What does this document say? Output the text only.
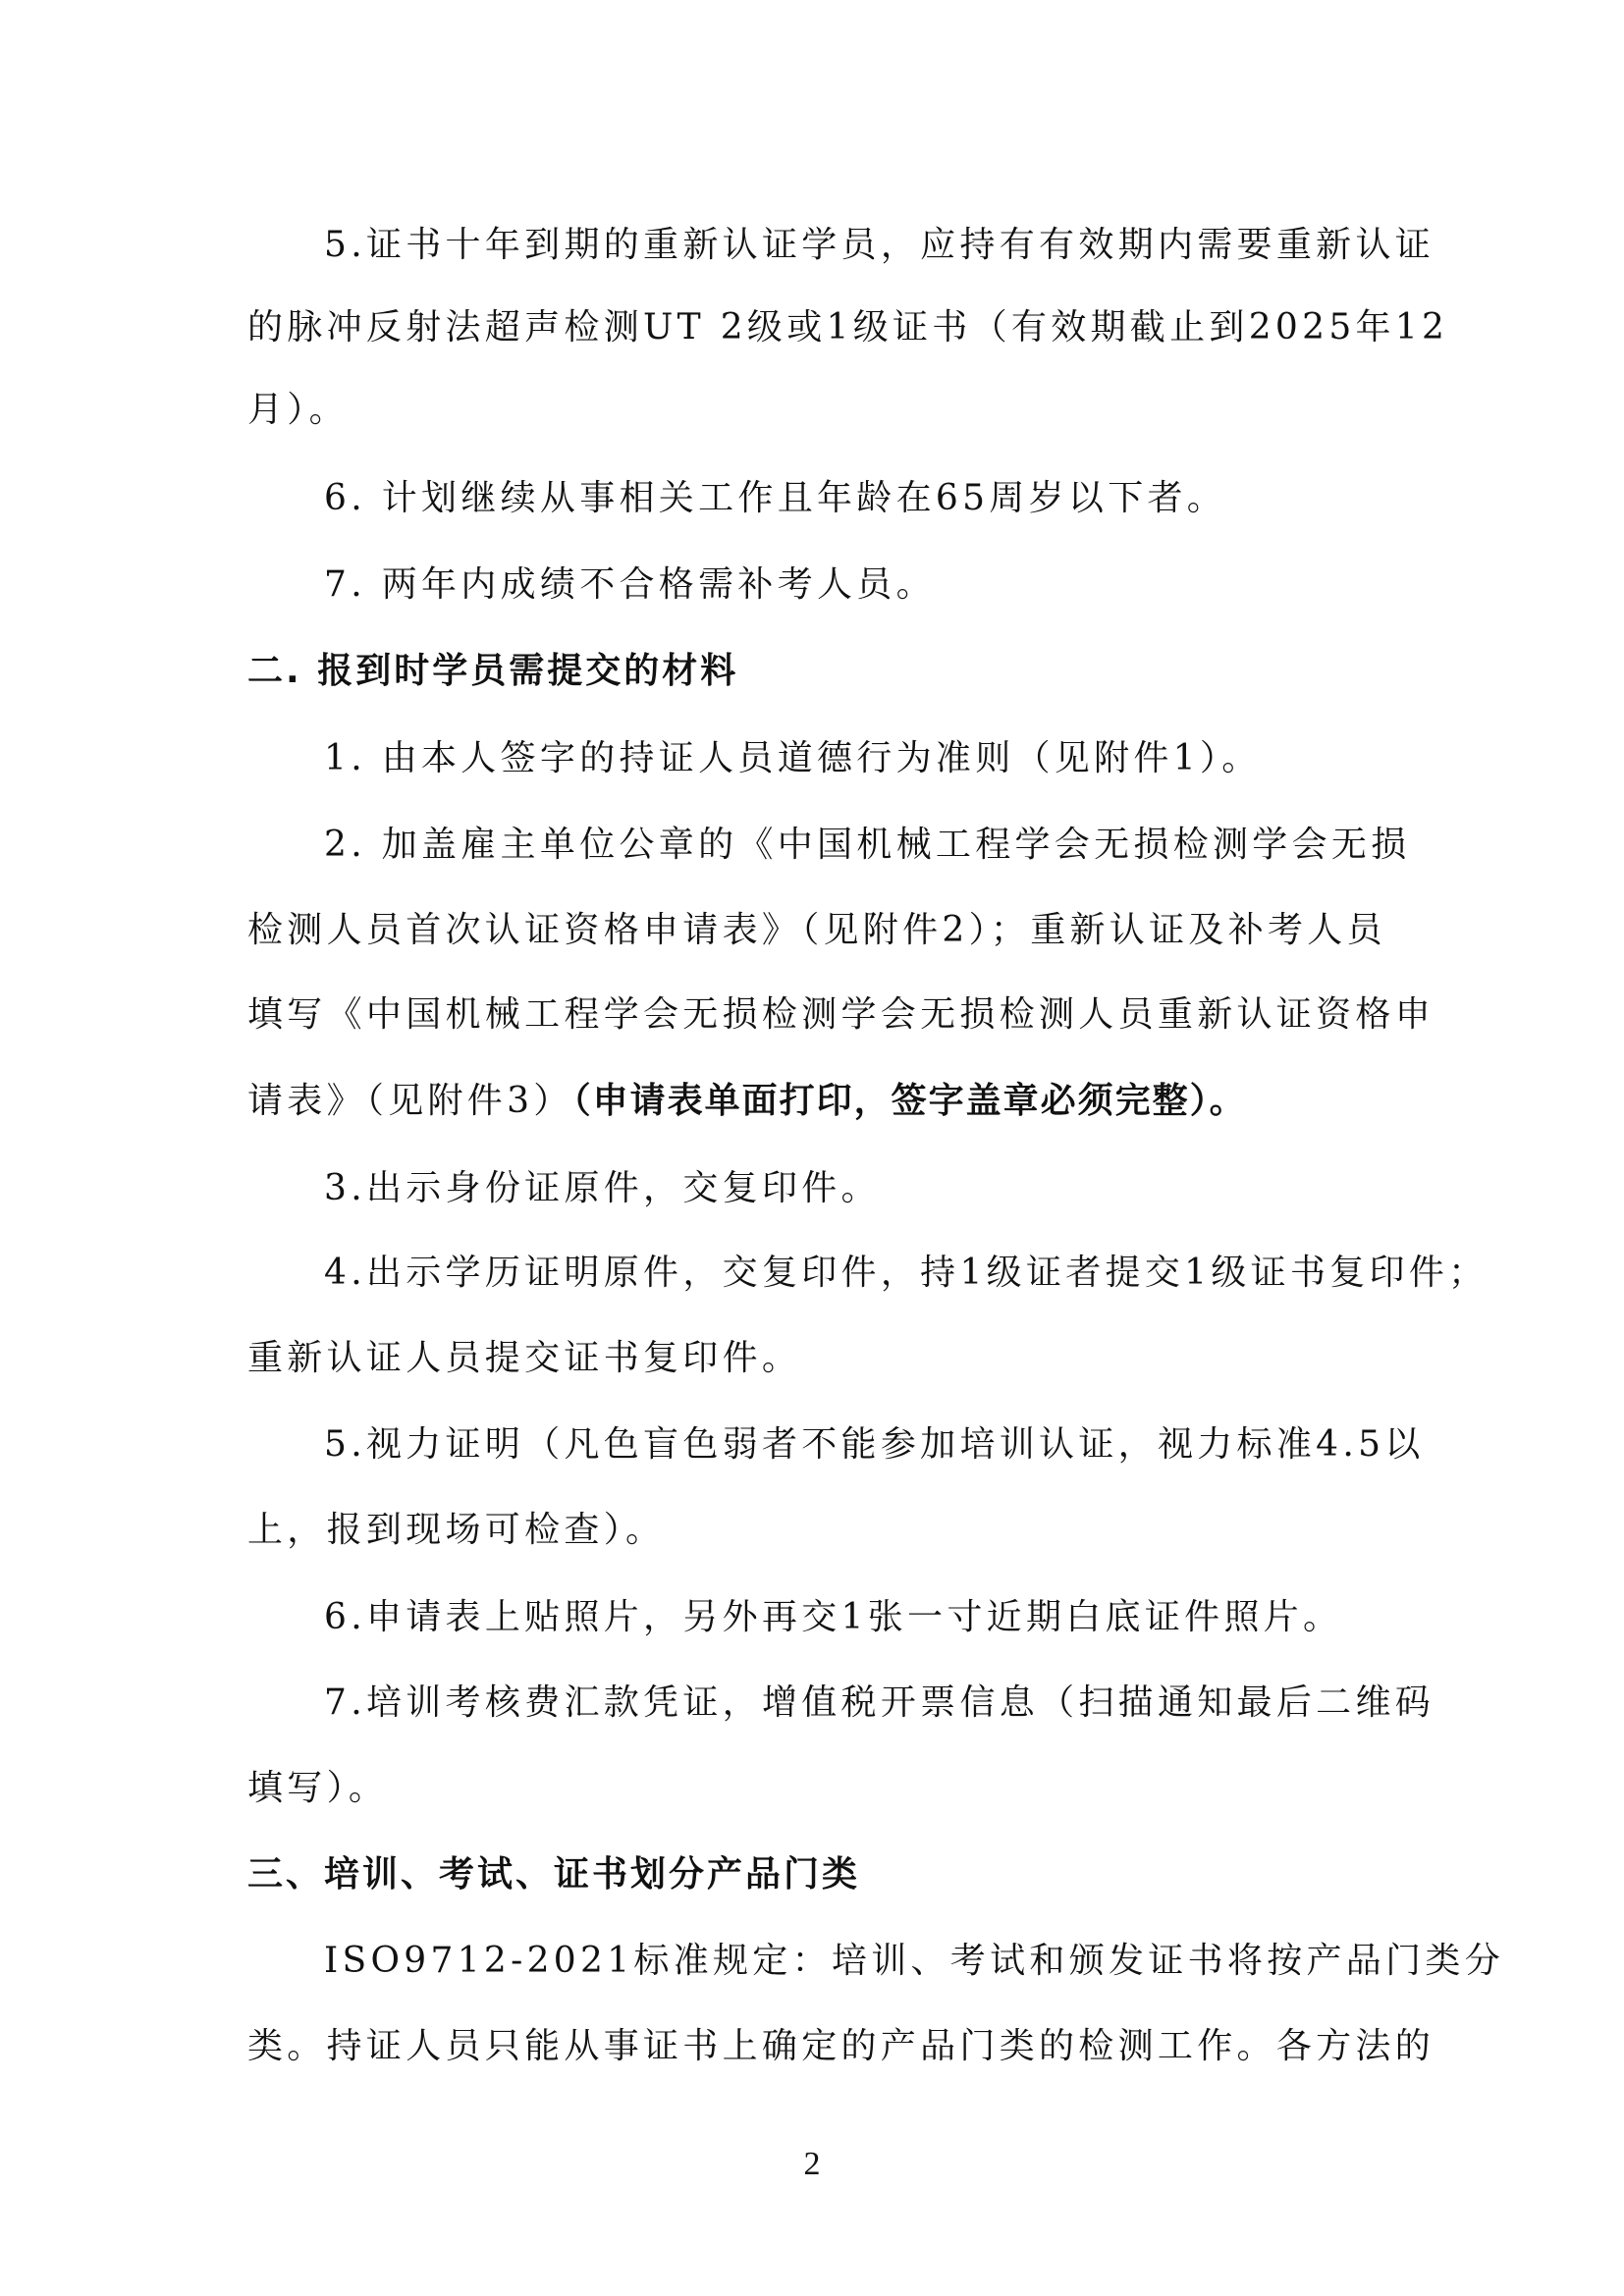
5.证书十年到期的重新认证学员，应持有有效期内需要重新认证
的脉冲反射法超声检测UT 2级或1级证书（有效期截止到2025年12
月）。
6. 计划继续从事相关工作且年龄在65周岁以下者。
7. 两年内成绩不合格需补考人员。
二. 报到时学员需提交的材料
1. 由本人签字的持证人员道德行为准则（见附件1）。
2. 加盖雇主单位公章的《中国机械工程学会无损检测学会无损
检测人员首次认证资格申请表》（见附件2）；重新认证及补考人员
填写《中国机械工程学会无损检测学会无损检测人员重新认证资格申
请表》（见附件3）（申请表单面打印，签字盖章必须完整）。
3.出示身份证原件，交复印件。
4.出示学历证明原件，交复印件，持1级证者提交1级证书复印件；
重新认证人员提交证书复印件。
5.视力证明（凡色盲色弱者不能参加培训认证，视力标准4.5以
上，报到现场可检查）。
6.申请表上贴照片，另外再交1张一寸近期白底证件照片。
7.培训考核费汇款凭证，增值税开票信息（扫描通知最后二维码
填写）。
三、培训、考试、证书划分产品门类
ISO9712-2021标准规定：培训、考试和颁发证书将按产品门类分
类。持证人员只能从事证书上确定的产品门类的检测工作。各方法的
2
